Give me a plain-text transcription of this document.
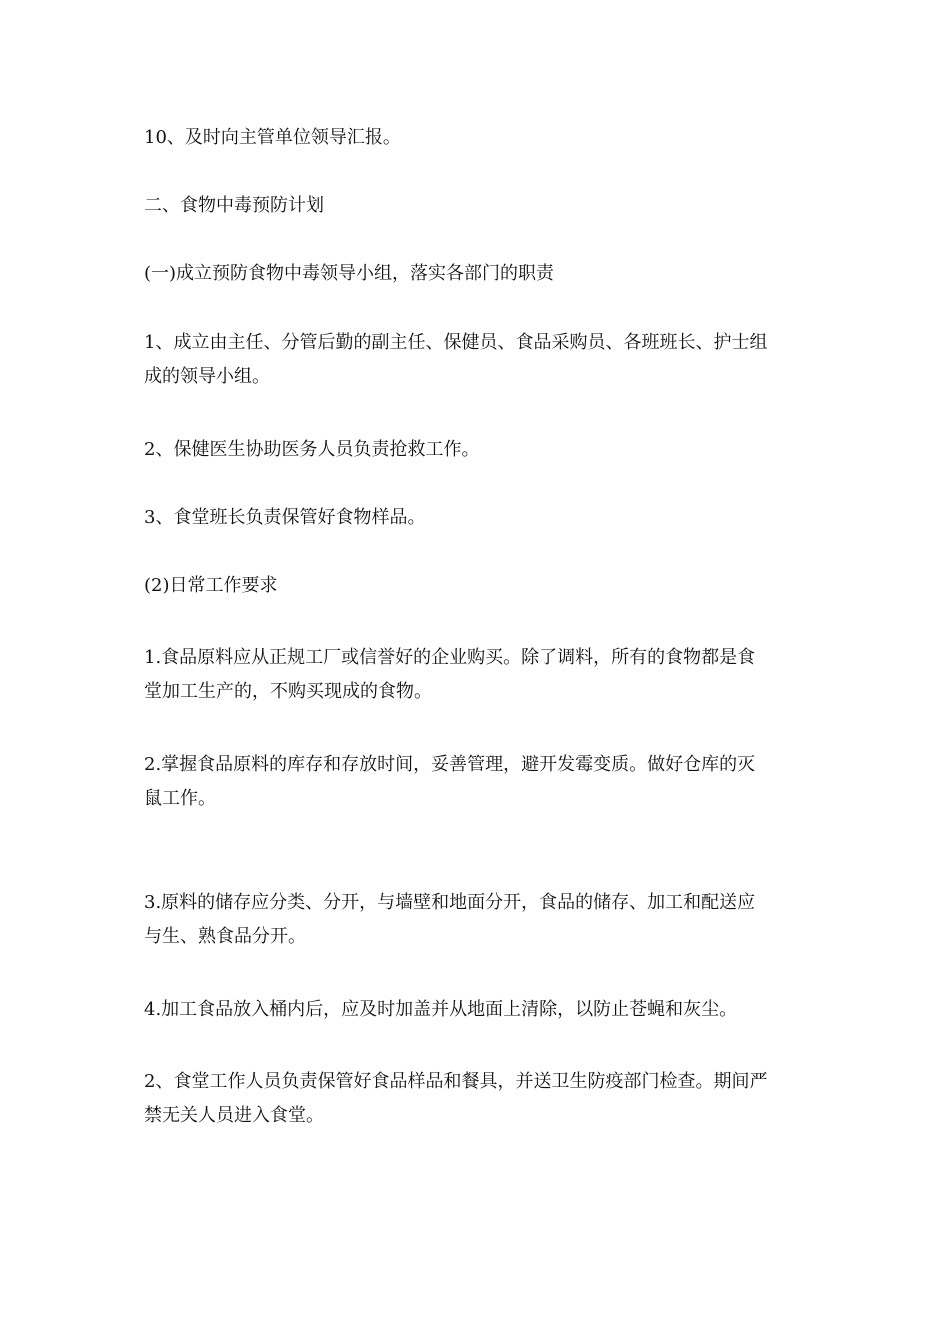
10、及时向主管单位领导汇报。

二、食物中毒预防计划

(一)成立预防食物中毒领导小组，落实各部门的职责

1、成立由主任、分管后勤的副主任、保健员、食品采购员、各班班长、护士组
成的领导小组。

2、保健医生协助医务人员负责抢救工作。

3、食堂班长负责保管好食物样品。

(2)日常工作要求

1.食品原料应从正规工厂或信誉好的企业购买。除了调料，所有的食物都是食
堂加工生产的，不购买现成的食物。

2.掌握食品原料的库存和存放时间，妥善管理，避开发霉变质。做好仓库的灭
鼠工作。

3.原料的储存应分类、分开，与墙壁和地面分开，食品的储存、加工和配送应
与生、熟食品分开。

4.加工食品放入桶内后，应及时加盖并从地面上清除，以防止苍蝇和灰尘。

2、食堂工作人员负责保管好食品样品和餐具，并送卫生防疫部门检查。期间严
禁无关人员进入食堂。
